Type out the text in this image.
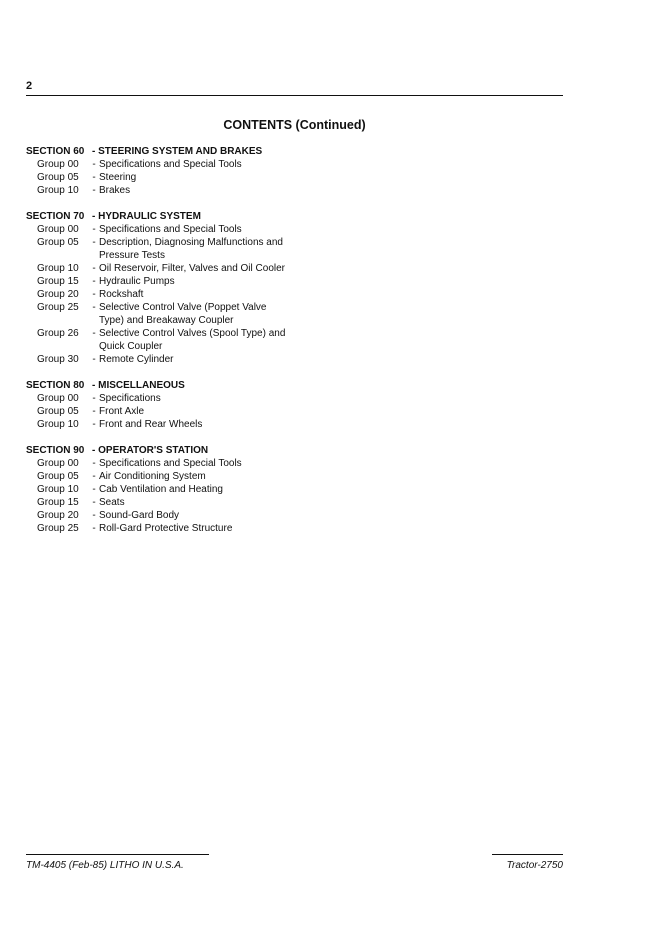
2
CONTENTS (Continued)
SECTION 60 - STEERING SYSTEM AND BRAKES
Group 00	- Specifications and Special Tools
Group 05	- Steering
Group 10	- Brakes
SECTION 70 - HYDRAULIC SYSTEM
Group 00	- Specifications and Special Tools
Group 05	- Description, Diagnosing Malfunctions and Pressure Tests
Group 10	- Oil Reservoir, Filter, Valves and Oil Cooler
Group 15	- Hydraulic Pumps
Group 20	- Rockshaft
Group 25	- Selective Control Valve (Poppet Valve Type) and Breakaway Coupler
Group 26	- Selective Control Valves (Spool Type) and Quick Coupler
Group 30	- Remote Cylinder
SECTION 80 - MISCELLANEOUS
Group 00	- Specifications
Group 05	- Front Axle
Group 10	- Front and Rear Wheels
SECTION 90 - OPERATOR'S STATION
Group 00	- Specifications and Special Tools
Group 05	- Air Conditioning System
Group 10	- Cab Ventilation and Heating
Group 15	- Seats
Group 20	- Sound-Gard Body
Group 25	- Roll-Gard Protective Structure
TM-4405 (Feb-85) LITHO IN U.S.A.	Tractor-2750
